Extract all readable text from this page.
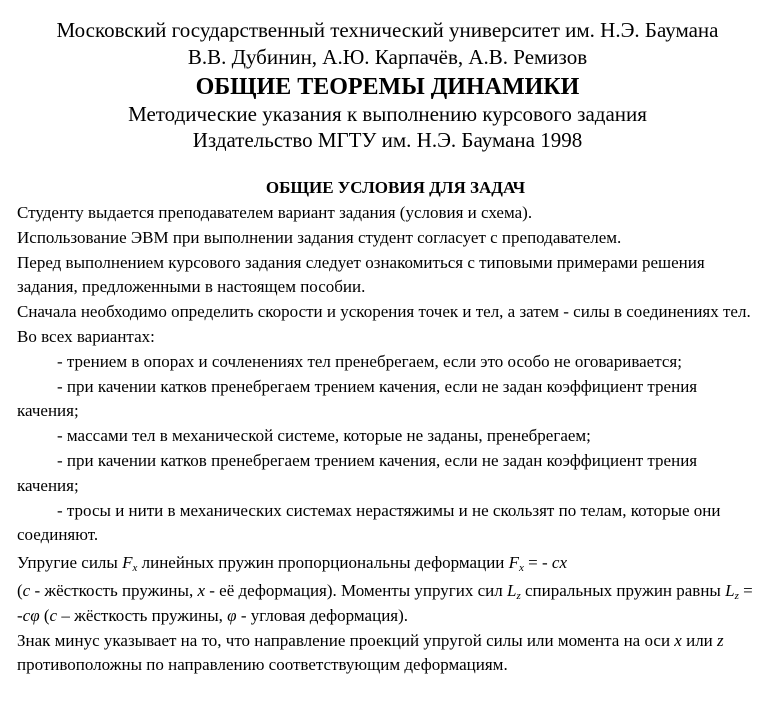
Московский государственный технический университет им. Н.Э. Баумана
В.В. Дубинин, А.Ю. Карпачёв, А.В. Ремизов
ОБЩИЕ ТЕОРЕМЫ ДИНАМИКИ
Методические указания к выполнению курсового задания
Издательство МГТУ им. Н.Э. Баумана 1998
ОБЩИЕ УСЛОВИЯ ДЛЯ ЗАДАЧ

Студенту выдается преподавателем вариант задания (условия и схема).

Использование ЭВМ при выполнении задания студент согласует с преподавателем.

Перед выполнением курсового задания следует ознакомиться с типовыми примерами решения задания, предложенными в настоящем пособии.

Сначала необходимо определить скорости и ускорения точек и тел, а затем - силы в соединениях тел.

Во всех вариантах:

- трением в опорах и сочленениях тел пренебрегаем, если это особо не оговаривается;

- при качении катков пренебрегаем трением качения, если не задан коэффициент трения качения;

- массами тел в механической системе, которые не заданы, пренебрегаем;

- при качении катков пренебрегаем трением качения, если не задан коэффициент трения качения;

- тросы и нити в механических системах нерастяжимы и не скользят по телам, которые они соединяют.

Упругие силы $F_x$ линейных пружин пропорциональны деформации $F_x$ = - cx

(c - жёсткость пружины, x - её деформация). Моменты упругих сил $L_z$ спиральных пружин равны $L_z = -c\varphi$ (c – жёсткость пружины, φ - угловая деформация).

Знак минус указывает на то, что направление проекций упругой силы или момента на оси x или z противоположны по направлению соответствующим деформациям.
